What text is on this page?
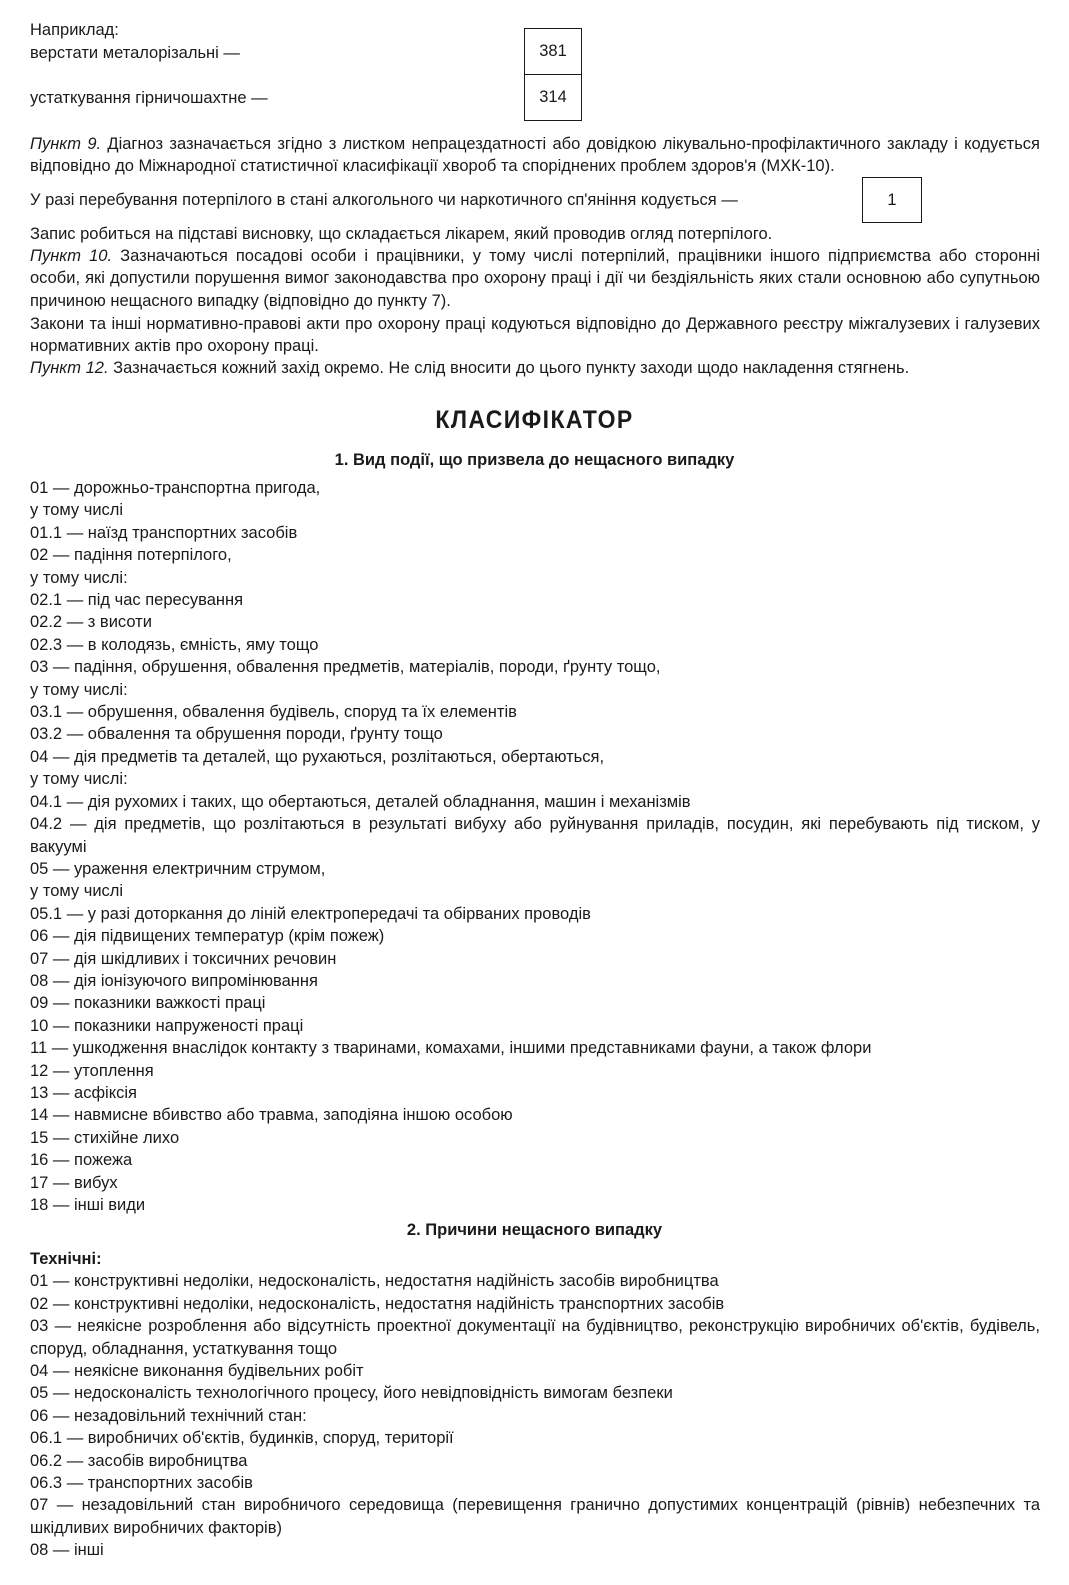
Наприклад:
верстати металорізальні —	381
устаткування гірничошахтне —	314
Пункт 9. Діагноз зазначається згідно з листком непрацездатності або довідкою лікувально-профілактичного закладу і кодується відповідно до Міжнародної статистичної класифікації хвороб та споріднених проблем здоров'я (МХК-10).
У разі перебування потерпілого в стані алкогольного чи наркотичного сп'яніння кодується —	1
Запис робиться на підставі висновку, що складається лікарем, який проводив огляд потерпілого.
Пункт 10. Зазначаються посадові особи і працівники, у тому числі потерпілий, працівники іншого підприємства або сторонні особи, які допустили порушення вимог законодавства про охорону праці і дії чи бездіяльність яких стали основною або супутньою причиною нещасного випадку (відповідно до пункту 7).
Закони та інші нормативно-правові акти про охорону праці кодуються відповідно до Державного реєстру міжгалузевих і галузевих нормативних актів про охорону праці.
Пункт 12. Зазначається кожний захід окремо. Не слід вносити до цього пункту заходи щодо накладення стягнень.
КЛАСИФІКАТОР
1. Вид події, що призвела до нещасного випадку
01 — дорожньо-транспортна пригода,
у тому числі
01.1 — наїзд транспортних засобів
02 — падіння потерпілого,
у тому числі:
02.1 — під час пересування
02.2 — з висоти
02.3 — в колодязь, ємність, яму тощо
03 — падіння, обрушення, обвалення предметів, матеріалів, породи, ґрунту тощо,
у тому числі:
03.1 — обрушення, обвалення будівель, споруд та їх елементів
03.2 — обвалення та обрушення породи, ґрунту тощо
04 — дія предметів та деталей, що рухаються, розлітаються, обертаються,
у тому числі:
04.1 — дія рухомих і таких, що обертаються, деталей обладнання, машин і механізмів
04.2 — дія предметів, що розлітаються в результаті вибуху або руйнування приладів, посудин, які перебувають під тиском, у вакуумі
05 — ураження електричним струмом,
у тому числі
05.1 — у разі доторкання до ліній електропередачі та обірваних проводів
06 — дія підвищених температур (крім пожеж)
07 — дія шкідливих і токсичних речовин
08 — дія іонізуючого випромінювання
09 — показники важкості праці
10 — показники напруженості праці
11 — ушкодження внаслідок контакту з тваринами, комахами, іншими представниками фауни, а також флори
12 — утоплення
13 — асфіксія
14 — навмисне вбивство або травма, заподіяна іншою особою
15 — стихійне лихо
16 — пожежа
17 — вибух
18 — інші види
2. Причини нещасного випадку
Технічні:
01 — конструктивні недоліки, недосконалість, недостатня надійність засобів виробництва
02 — конструктивні недоліки, недосконалість, недостатня надійність транспортних засобів
03 — неякісне розроблення або відсутність проектної документації на будівництво, реконструкцію виробничих об'єктів, будівель, споруд, обладнання, устаткування тощо
04 — неякісне виконання будівельних робіт
05 — недосконалість технологічного процесу, його невідповідність вимогам безпеки
06 — незадовільний технічний стан:
06.1 — виробничих об'єктів, будинків, споруд, території
06.2 — засобів виробництва
06.3 — транспортних засобів
07 — незадовільний стан виробничого середовища (перевищення гранично допустимих концентрацій (рівнів) небезпечних та шкідливих виробничих факторів)
08 — інші
